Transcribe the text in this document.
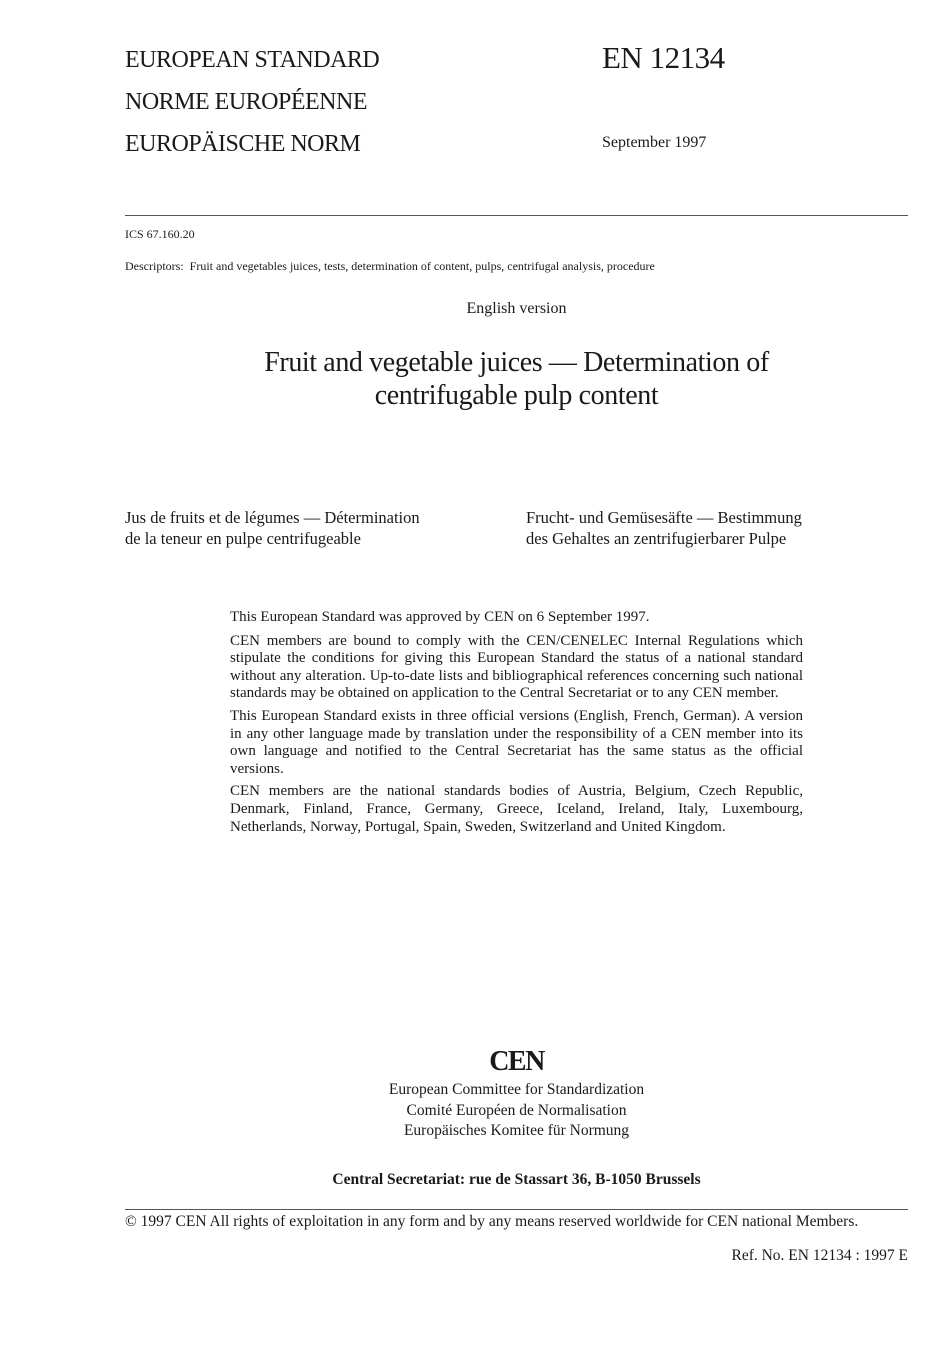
EUROPEAN STANDARD
NORME EUROPÉENNE
EUROPÄISCHE NORM
EN 12134
September 1997
ICS 67.160.20
Descriptors: Fruit and vegetables juices, tests, determination of content, pulps, centrifugal analysis, procedure
English version
Fruit and vegetable juices — Determination of
centrifugable pulp content
Jus de fruits et de légumes — Détermination
de la teneur en pulpe centrifugeable
Frucht- und Gemüsesäfte — Bestimmung
des Gehaltes an zentrifugierbarer Pulpe

This European Standard was approved by CEN on 6 September 1997.

CEN members are bound to comply with the CEN/CENELEC Internal Regulations which stipulate the conditions for giving this European Standard the status of a national standard without any alteration. Up-to-date lists and bibliographical references concerning such national standards may be obtained on application to the Central Secretariat or to any CEN member.

This European Standard exists in three official versions (English, French, German). A version in any other language made by translation under the responsibility of a CEN member into its own language and notified to the Central Secretariat has the same status as the official versions.

CEN members are the national standards bodies of Austria, Belgium, Czech Republic, Denmark, Finland, France, Germany, Greece, Iceland, Ireland, Italy, Luxembourg, Netherlands, Norway, Portugal, Spain, Sweden, Switzerland and United Kingdom.

CEN
European Committee for Standardization
Comité Européen de Normalisation
Europäisches Komitee für Normung
Central Secretariat: rue de Stassart 36, B-1050 Brussels
© 1997 CEN All rights of exploitation in any form and by any means reserved worldwide for CEN national Members.
Ref. No. EN 12134 : 1997 E
